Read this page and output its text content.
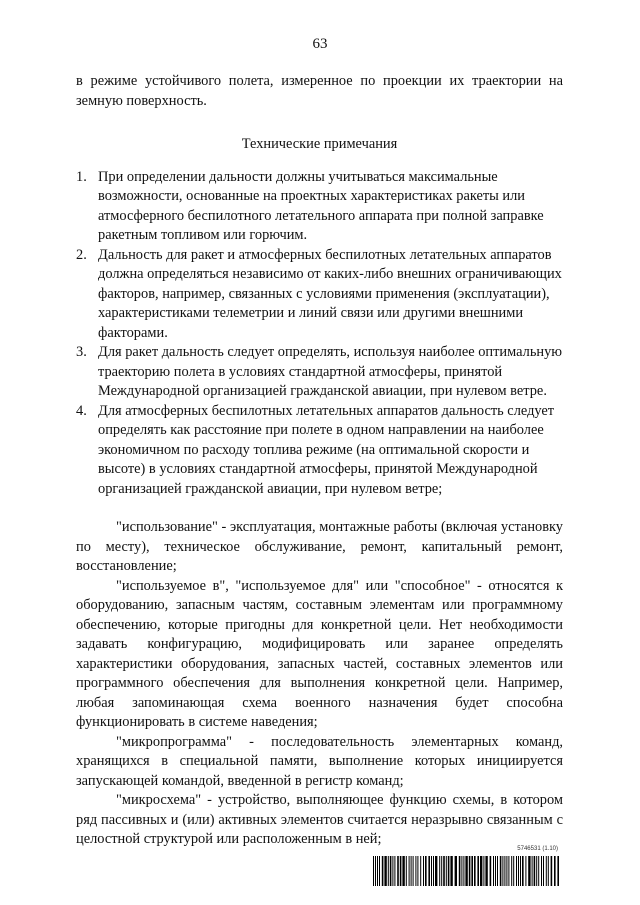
63

в режиме устойчивого полета, измеренное по проекции их траектории на земную поверхность.

Технические примечания

1. При определении дальности должны учитываться максимальные возможности, основанные на проектных характеристиках ракеты или атмосферного беспилотного летательного аппарата при полной заправке ракетным топливом или горючим.
2. Дальность для ракет и атмосферных беспилотных летательных аппаратов должна определяться независимо от каких-либо внешних ограничивающих факторов, например, связанных с условиями применения (эксплуатации), характеристиками телеметрии и линий связи или другими внешними факторами.
3. Для ракет дальность следует определять, используя наиболее оптимальную траекторию полета в условиях стандартной атмосферы, принятой Международной организацией гражданской авиации, при нулевом ветре.
4. Для атмосферных беспилотных летательных аппаратов дальность следует определять как расстояние при полете в одном направлении на наиболее экономичном по расходу топлива режиме (на оптимальной скорости и высоте) в условиях стандартной атмосферы, принятой Международной организацией гражданской авиации, при нулевом ветре;

"использование" - эксплуатация, монтажные работы (включая установку по месту), техническое обслуживание, ремонт, капитальный ремонт, восстановление;

"используемое в", "используемое для" или "способное" - относятся к оборудованию, запасным частям, составным элементам или программному обеспечению, которые пригодны для конкретной цели. Нет необходимости задавать конфигурацию, модифицировать или заранее определять характеристики оборудования, запасных частей, составных элементов или программного обеспечения для выполнения конкретной цели. Например, любая запоминающая схема военного назначения будет способна функционировать в системе наведения;

"микропрограмма" - последовательность элементарных команд, хранящихся в специальной памяти, выполнение которых инициируется запускающей командой, введенной в регистр команд;

"микросхема" - устройство, выполняющее функцию схемы, в котором ряд пассивных и (или) активных элементов считается неразрывно связанным с целостной структурой или расположенным в ней;

5746531 (1.10)
